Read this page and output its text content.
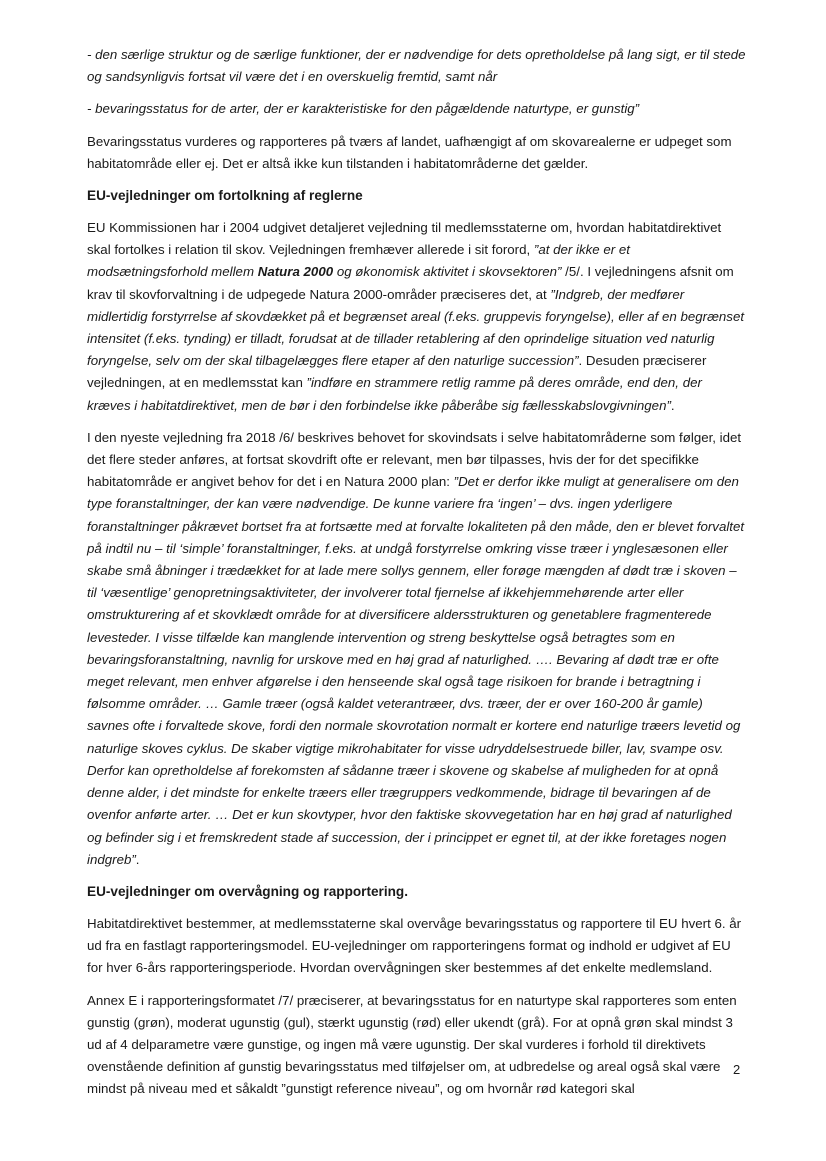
- den særlige struktur og de særlige funktioner, der er nødvendige for dets opretholdelse på lang sigt, er til stede og sandsynligvis fortsat vil være det i en overskuelig fremtid, samt når

- bevaringsstatus for de arter, der er karakteristiske for den pågældende naturtype, er gunstig”

Bevaringsstatus vurderes og rapporteres på tværs af landet, uafhængigt af om skovarealerne er udpeget som habitatområde eller ej. Det er altså ikke kun tilstanden i habitatområderne det gælder.

EU-vejledninger om fortolkning af reglerne

EU Kommissionen har i 2004 udgivet detaljeret vejledning til medlemsstaterne om, hvordan habitatdirektivet skal fortolkes i relation til skov. Vejledningen fremhæver allerede i sit forord, ”at der ikke er et modsætningsforhold mellem Natura 2000 og økonomisk aktivitet i skovsektoren” /5/. I vejledningens afsnit om krav til skovforvaltning i de udpegede Natura 2000-områder præciseres det, at ”Indgreb, der medfører midlertidig forstyrrelse af skovdækket på et begrænset areal (f.eks. gruppevis foryngelse), eller af en begrænset intensitet (f.eks. tynding) er tilladt, forudsat at de tillader retablering af den oprindelige situation ved naturlig foryngelse, selv om der skal tilbagelægges flere etaper af den naturlige succession”. Desuden præciserer vejledningen, at en medlemsstat kan ”indføre en strammere retlig ramme på deres område, end den, der kræves i habitatdirektivet, men de bør i den forbindelse ikke påberåbe sig fællesskabslovgivningen”.

I den nyeste vejledning fra 2018 /6/ beskrives behovet for skovindsats i selve habitatområderne som følger, idet det flere steder anføres, at fortsat skovdrift ofte er relevant, men bør tilpasses, hvis der for det specifikke habitatområde er angivet behov for det i en Natura 2000 plan: ”Det er derfor ikke muligt at generalisere om den type foranstaltninger, der kan være nødvendige. De kunne variere fra ‘ingen’ – dvs. ingen yderligere foranstaltninger påkrævet bortset fra at fortsætte med at forvalte lokaliteten på den måde, den er blevet forvaltet på indtil nu – til ‘simple’ foranstaltninger, f.eks. at undgå forstyrrelse omkring visse træer i ynglesæsonen eller skabe små åbninger i trædækket for at lade mere sollys gennem, eller forøge mængden af dødt træ i skoven – til ‘væsentlige’ genopretningsaktiviteter, der involverer total fjernelse af ikkehjemmehørende arter eller omstrukturering af et skovklædt område for at diversificere aldersstrukturen og genetablere fragmenterede levesteder. I visse tilfælde kan manglende intervention og streng beskyttelse også betragtes som en bevaringsforanstaltning, navnlig for urskove med en høj grad af naturlighed. …. Bevaring af dødt træ er ofte meget relevant, men enhver afgørelse i den henseende skal også tage risikoen for brande i betragtning i følsomme områder. … Gamle træer (også kaldet veterantræer, dvs. træer, der er over 160-200 år gamle) savnes ofte i forvaltede skove, fordi den normale skovrotation normalt er kortere end naturlige træers levetid og naturlige skoves cyklus. De skaber vigtige mikrohabitater for visse udryddelsestruede biller, lav, svampe osv. Derfor kan opretholdelse af forekomsten af sådanne træer i skovene og skabelse af muligheden for at opnå denne alder, i det mindste for enkelte træers eller trægruppers vedkommende, bidrage til bevaringen af de ovenfor anførte arter. … Det er kun skovtyper, hvor den faktiske skovvegetation har en høj grad af naturlighed og befinder sig i et fremskredent stade af succession, der i princippet er egnet til, at der ikke foretages nogen indgreb”.

EU-vejledninger om overvågning og rapportering.

Habitatdirektivet bestemmer, at medlemsstaterne skal overvåge bevaringsstatus og rapportere til EU hvert 6. år ud fra en fastlagt rapporteringsmodel. EU-vejledninger om rapporteringens format og indhold er udgivet af EU for hver 6-års rapporteringsperiode. Hvordan overvågningen sker bestemmes af det enkelte medlemsland.

Annex E i rapporteringsformatet /7/ præciserer, at bevaringsstatus for en naturtype skal rapporteres som enten gunstig (grøn), moderat ugunstig (gul), stærkt ugunstig (rød) eller ukendt (grå). For at opnå grøn skal mindst 3 ud af 4 delparametre være gunstige, og ingen må være ugunstig. Der skal vurderes i forhold til direktivets ovenstående definition af gunstig bevaringsstatus med tilføjelser om, at udbredelse og areal også skal være mindst på niveau med et såkaldt ”gunstigt reference niveau”, og om hvornår rød kategori skal

2
